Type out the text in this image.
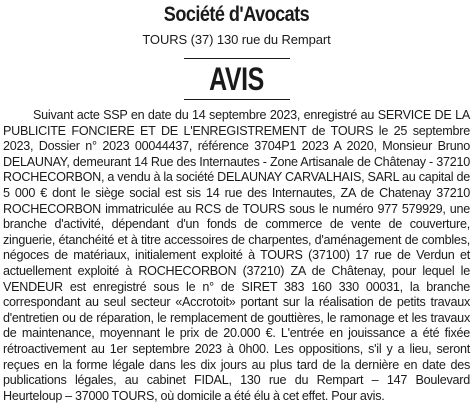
Société d'Avocats
TOURS (37) 130 rue du Rempart
AVIS

Suivant acte SSP en date du 14 septembre 2023, enregistré au SERVICE DE LA PUBLICITE FONCIERE ET DE L'ENREGISTREMENT de TOURS le 25 septembre 2023, Dossier n° 2023 00044437, référence 3704P1 2023 A 2020, Monsieur Bruno DELAUNAY, demeurant 14 Rue des Internautes - Zone Artisanale de Châtenay - 37210 ROCHECORBON, a vendu à la société DELAUNAY CARVALHAIS, SARL au capital de 5 000 € dont le siège social est sis 14 rue des Internautes, ZA de Chatenay 37210 ROCHECORBON immatriculée au RCS de TOURS sous le numéro 977 579929, une branche d'activité, dépendant d'un fonds de commerce de vente de couverture, zinguerie, étanchéité et à titre accessoires de charpentes, d'aménagement de combles, négoces de matériaux, initialement exploité à TOURS (37100) 17 rue de Verdun et actuellement exploité à ROCHECORBON (37210) ZA de Châtenay, pour lequel le VENDEUR est enregistré sous le n° de SIRET 383 160 330 00031, la branche correspondant au seul secteur «Accrotoit» portant sur la réalisation de petits travaux d'entretien ou de réparation, le remplacement de gouttières, le ramonage et les travaux de maintenance, moyennant le prix de 20.000 €. L'entrée en jouissance a été fixée rétroactivement au 1er septembre 2023 à 0h00. Les oppositions, s'il y a lieu, seront reçues en la forme légale dans les dix jours au plus tard de la dernière en date des publications légales, au cabinet FIDAL, 130 rue du Rempart – 147 Boulevard Heurteloup – 37000 TOURS, où domicile a été élu à cet effet. Pour avis.
